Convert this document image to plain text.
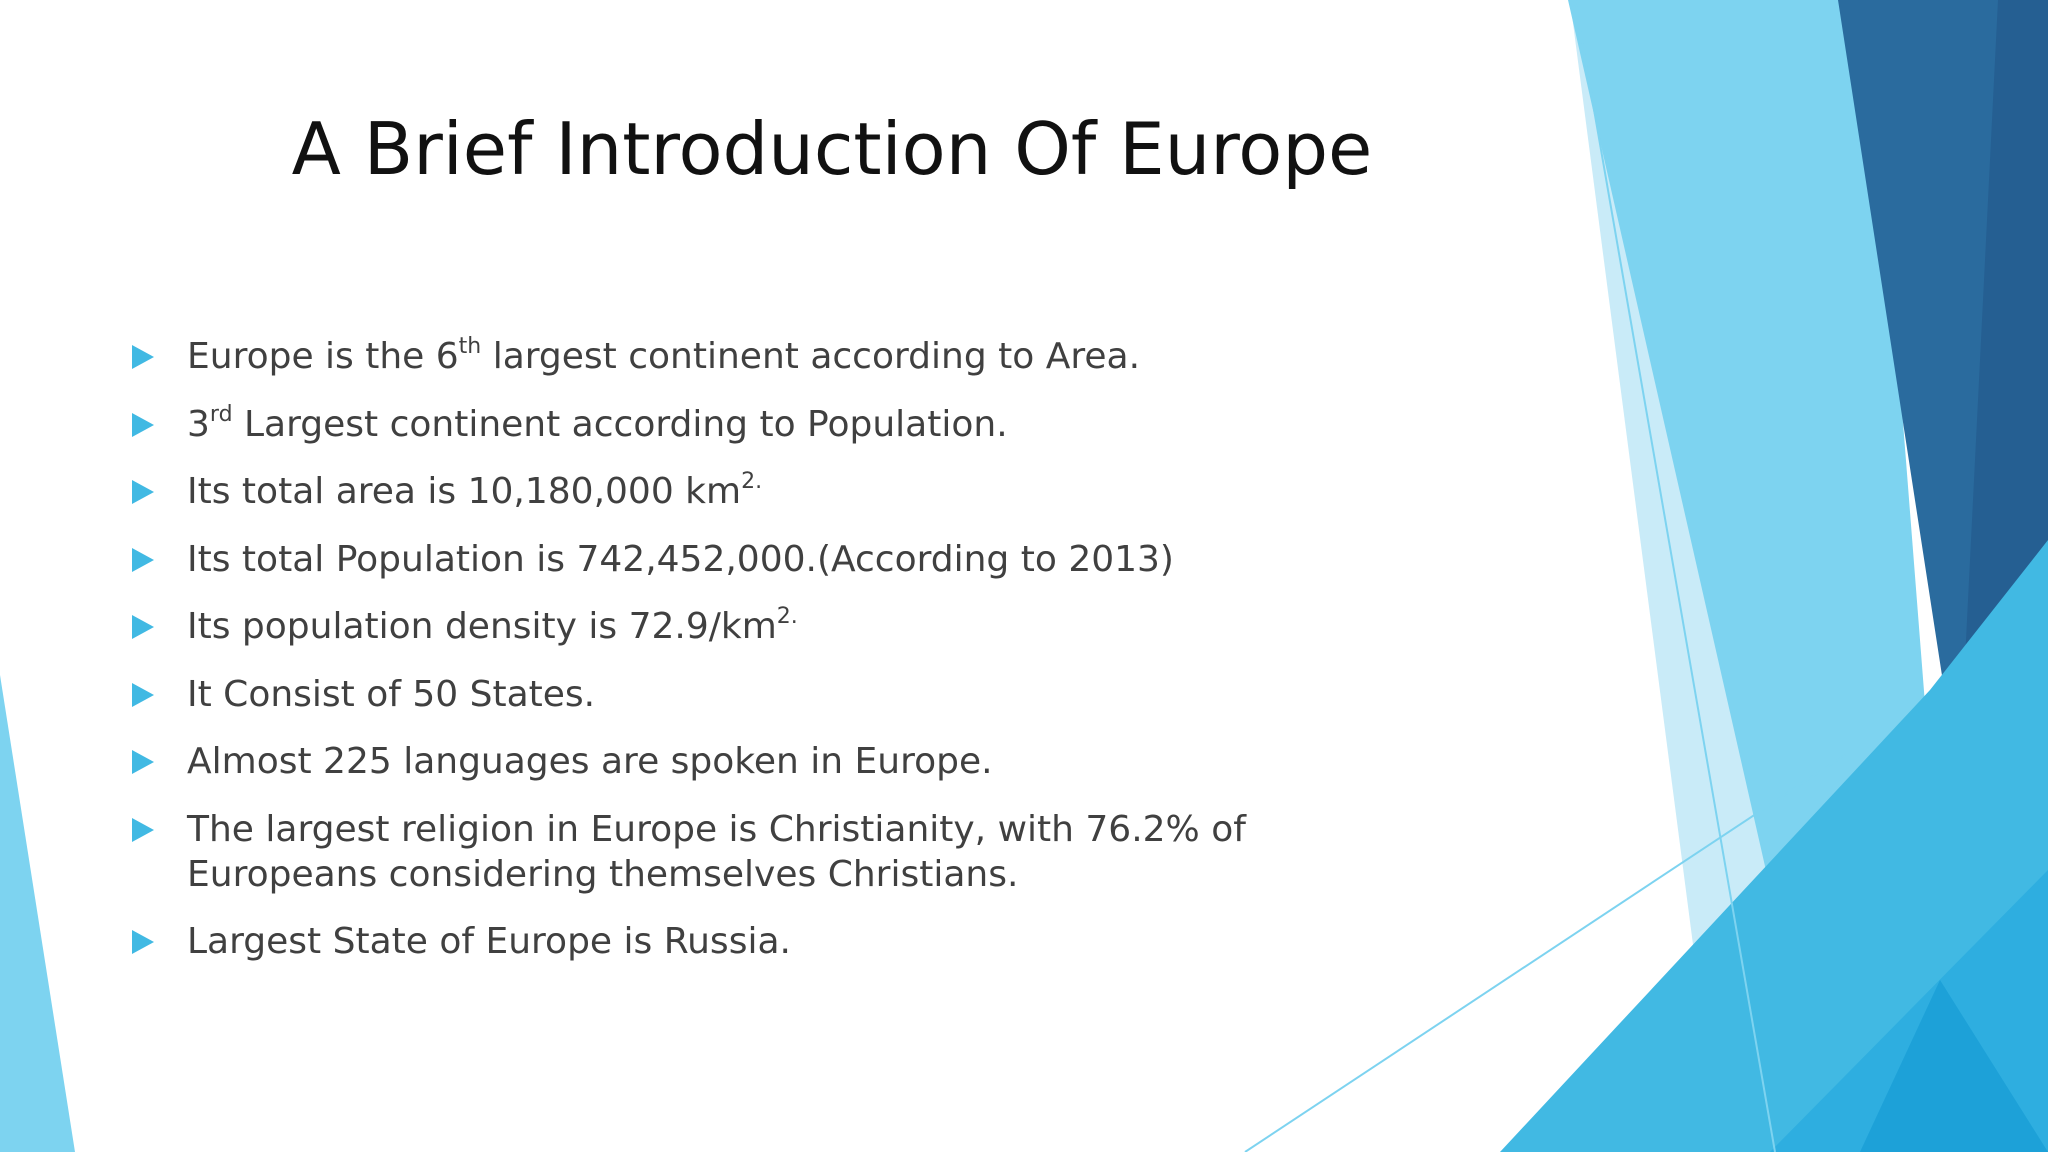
A Brief Introduction Of Europe
Europe is the 6th largest continent according to Area.
3rd Largest continent according to Population.
Its total area is 10,180,000 $km^{2.}$
Its total Population is 742,452,000.(According to 2013)
Its population density is $72.9/km^{2.}$
It Consist of 50 States.
Almost 225 languages are spoken in Europe.
The largest religion in Europe is Christianity, with 76.2% of Europeans considering themselves Christians.
Largest State of Europe is Russia.
